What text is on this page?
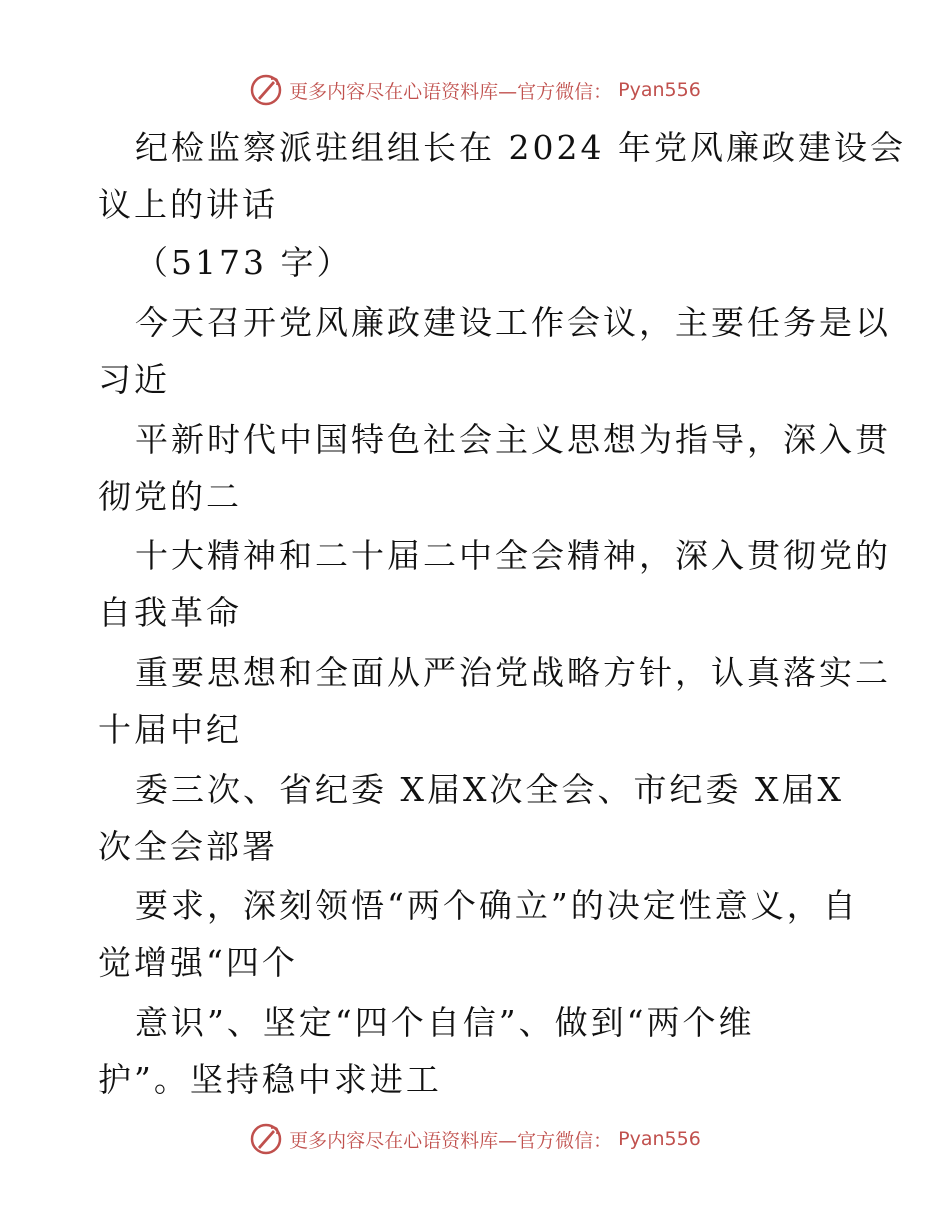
更多内容尽在心语资料库—官方微信： Pyan556
纪检监察派驻组组长在 2024 年党风廉政建设会
议上的讲话
（5173 字）
今天召开党风廉政建设工作会议，主要任务是以
习近
平新时代中国特色社会主义思想为指导，深入贯
彻党的二
十大精神和二十届二中全会精神，深入贯彻党的
自我革命
重要思想和全面从严治党战略方针，认真落实二
十届中纪
委三次、省纪委 X届X次全会、市纪委 X届X
次全会部署
要求，深刻领悟“两个确立”的决定性意义，自
觉增强“四个
意识”、坚定“四个自信”、做到“两个维
护”。坚持稳中求进工
更多内容尽在心语资料库—官方微信： Pyan556
